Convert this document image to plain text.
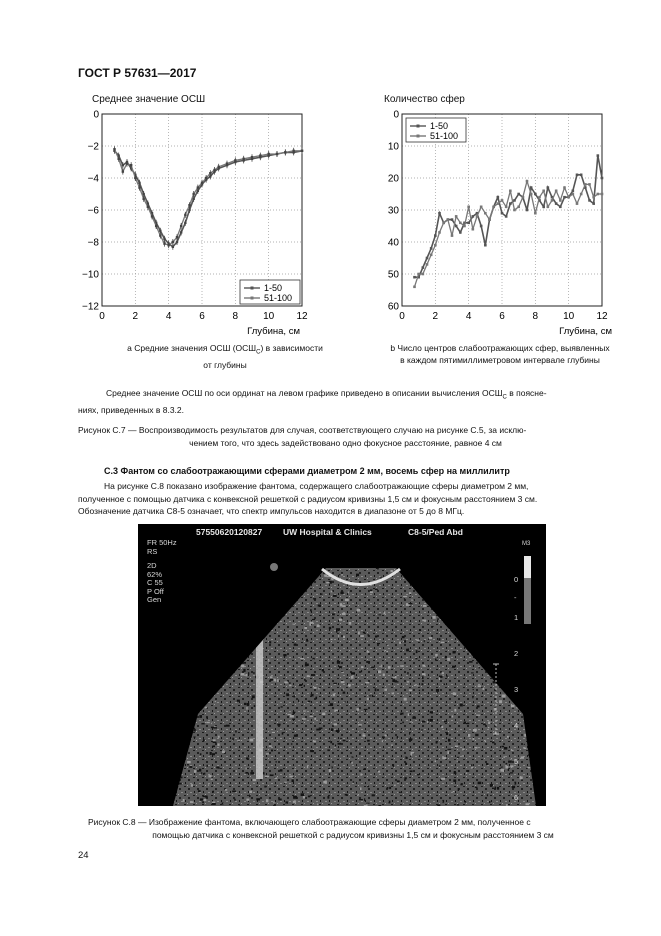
ГОСТ Р 57631—2017
Среднее значение ОСШ
0	2	4	6	8 10 12
0
−2
−4
−6
−8
−10
−12
1-50
51-100
Глубина, см
Количество сфер
0	2	4	6	8 10 12
0
10
20
30
40
50
60
1-50
51-100
Глубина, см
а Средние значения ОСШ $(ОСШ_C)$ в зависимости
от глубины
b Число центров слабоотражающих сфер, выявленных
в каждом пятимиллиметровом интервале глубины
Среднее значение ОСШ по оси ординат на левом графике приведено в описании вычисления $ОСШ_C$ в поясне-
ниях, приведенных в 8.3.2.
Рисунок С.7 — Воспроизводимость результатов для случая, соответствующего случаю на рисунке С.5, за исклю-
чением того, что здесь задействовано одно фокусное расстояние, равное 4 см
С.3 Фантом со слабоотражающими сферами диаметром 2 мм, восемь сфер на миллилитр
На рисунке С.8 показано изображение фантома, содержащего слабоотражающие сферы диаметром 2 мм,
полученное с помощью датчика с конвексной решеткой с радиусом кривизны 1,5 см и фокусным расстоянием 3 см.
Обозначение датчика С8-5 означает, что спектр импульсов находится в диапазоне от 5 до 8 МГц.
57550620120827 UW Hospital & Clinics	C8-5/Ped Abd
FR 50Hz
RS
2D
62%
C 55
P Off
Gen
M3
0
-
1
2
3
4
5
6
Рисунок С.8 — Изображение фантома, включающего слабоотражающие сферы диаметром 2 мм, полученное с
помощью датчика с конвексной решеткой с радиусом кривизны 1,5 см и фокусным расстоянием 3 см
24
